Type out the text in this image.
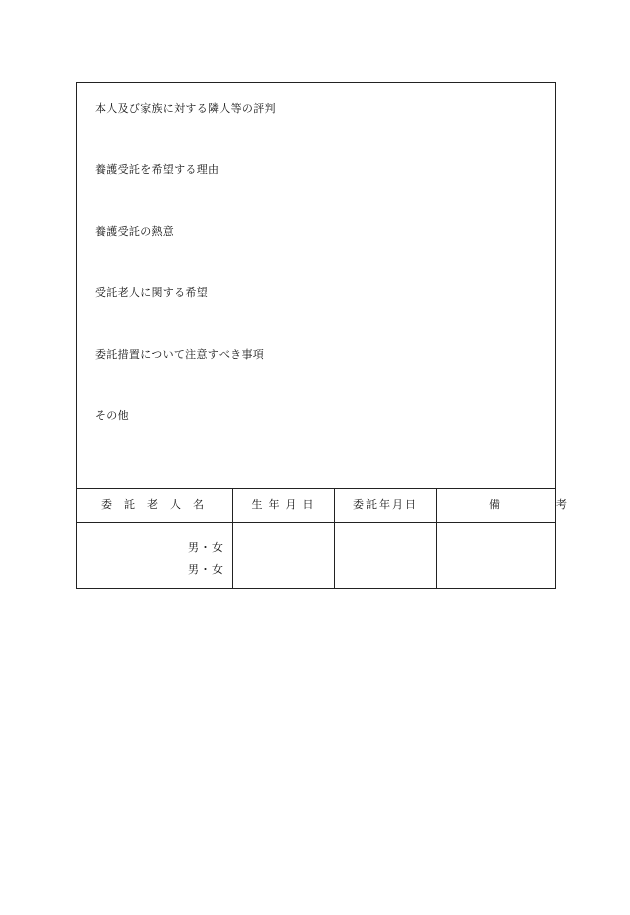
本人及び家族に対する隣人等の評判
養護受託を希望する理由
養護受託の熱意
受託老人に関する希望
委託措置について注意すべき事項
その他
委託老人名	生年月日	委託年月日	備考
男・女
男・女
